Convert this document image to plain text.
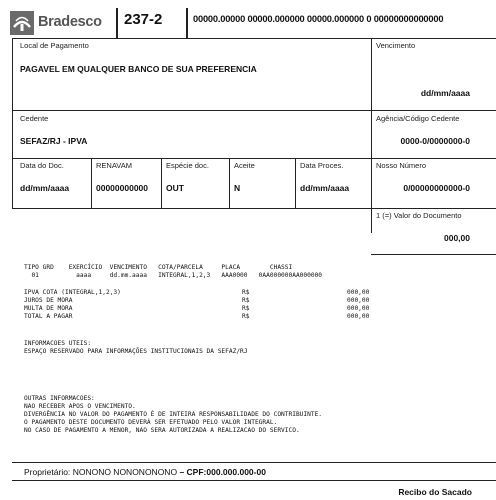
Bradesco 237-2	00000.00000 00000.000000 00000.000000 0 00000000000000
Local de Pagamento
PAGAVEL EM QUALQUER BANCO DE SUA PREFERENCIA
Vencimento
dd/mm/aaaa
Cedente
SEFAZ/RJ - IPVA
Agência/Código Cedente
0000-0/0000000-0
Data do Doc.
dd/mm/aaaa
RENAVAM
00000000000
Espécie doc.
OUT
Aceite
N
Data Proces.
dd/mm/aaaa
Nosso Número
0/00000000000-0
1 (=) Valor do Documento
000,00
TIPO GRD    EXERCÍCIO  VENCIMENTO   COTA/PARCELA     PLACA        CHASSI
01          aaaa     dd.mm.aaaa   INTEGRAL,1,2,3   AAA0000   0AA000000AA000000
IPVA COTA (INTEGRAL,1,2,3)	R$	000,00
JUROS DE MORA	R$	000,00
MULTA DE MORA	R$	000,00
TOTAL A PAGAR	R$	000,00
INFORMACOES UTEIS:
ESPAÇO RESERVADO PARA INFORMAÇÕES INSTITUCIONAIS DA SEFAZ/RJ
OUTRAS INFORMACOES:
NAO RECEBER APOS O VENCIMENTO.
DIVERGÊNCIA NO VALOR DO PAGAMENTO É DE INTEIRA RESPONSABILIDADE DO CONTRIBUINTE.
O PAGAMENTO DESTE DOCUMENTO DEVERÁ SER EFETUADO PELO VALOR INTEGRAL.
NO CASO DE PAGAMENTO A MENOR, NAO SERA AUTORIZADA A REALIZACAO DO SERVICO.
Proprietário: NONONO NONONONONO – CPF:000.000.000-00
Recibo do Sacado
